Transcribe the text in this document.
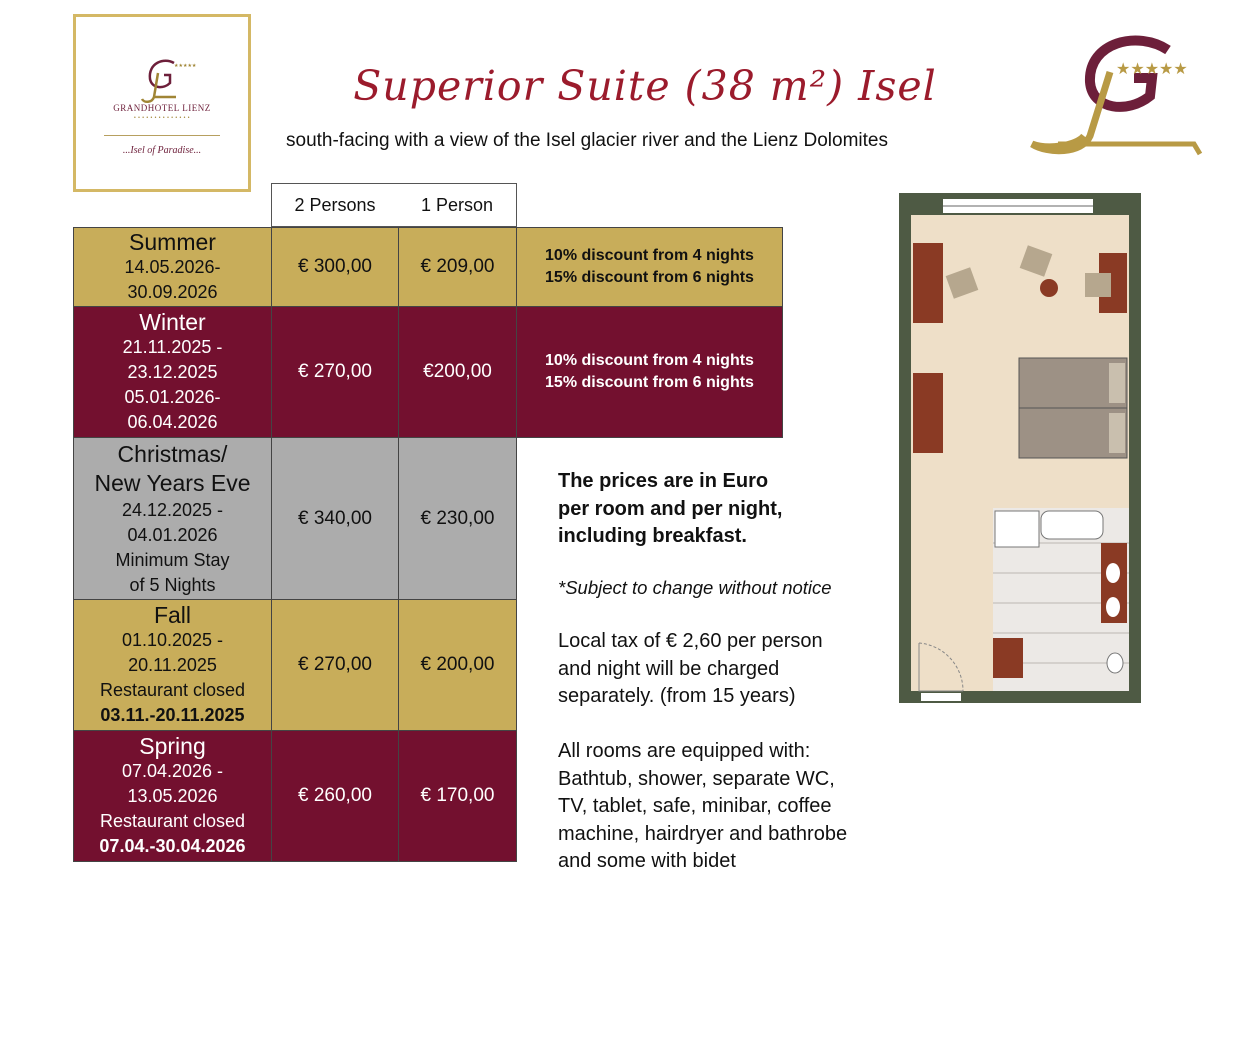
★★★★★
GRANDHOTEL LIENZ
• • • • • • • • • • • • • •
...Isel of Paradise...
Superior Suite (38 m²) Isel
south-facing with a view of the Isel glacier river and the Lienz Dolomites
★★★★★
2 Persons	1 Person
Summer
14.05.2026-
30.09.2026
€ 300,00	€ 209,00
10% discount from 4 nights
15% discount from 6 nights
Winter
21.11.2025 -
23.12.2025
05.01.2026-
06.04.2026
€ 270,00	€200,00
10% discount from 4 nights
15% discount from 6 nights
Christmas/
New Years Eve
24.12.2025 -
04.01.2026
Minimum Stay
of 5 Nights
€ 340,00	€ 230,00
Fall
01.10.2025 -
20.11.2025
Restaurant closed
03.11.-20.11.2025
€ 270,00	€ 200,00
Spring
07.04.2026 -
13.05.2026
Restaurant closed
07.04.-30.04.2026
€ 260,00	€ 170,00
The prices are in Euro
per room and per night,
including breakfast.
*Subject to change without notice
Local tax of € 2,60 per person
and night will be charged
separately. (from 15 years)
All rooms are equipped with:
Bathtub, shower, separate WC,
TV, tablet, safe, minibar, coffee
machine, hairdryer and bathrobe
and some with bidet
